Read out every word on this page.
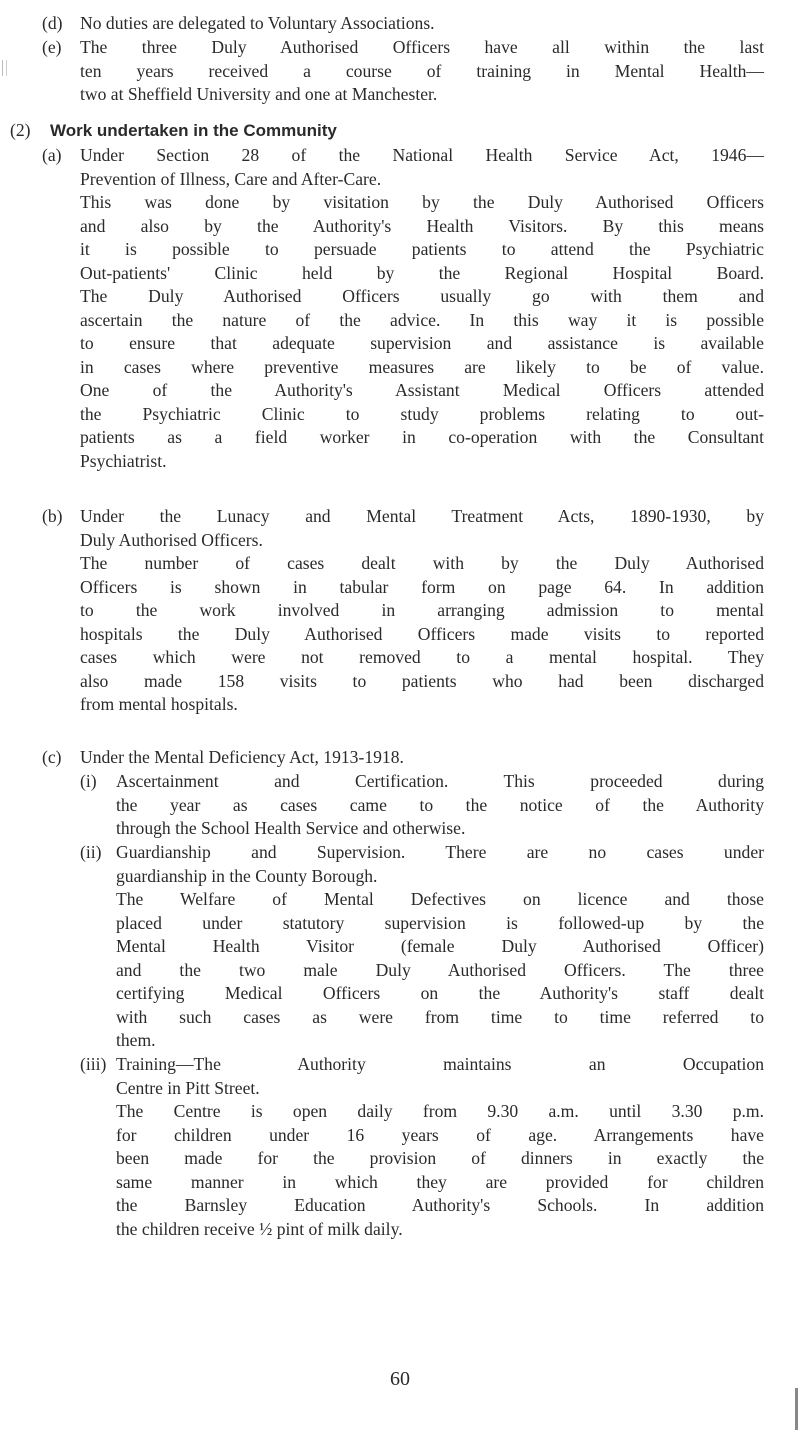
(d) No duties are delegated to Voluntary Associations.
(e) The three Duly Authorised Officers have all within the last
ten years received a course of training in Mental Health—
two at Sheffield University and one at Manchester.
(2) Work undertaken in the Community
(a) Under Section 28 of the National Health Service Act, 1946—
Prevention of Illness, Care and After-Care.
This was done by visitation by the Duly Authorised Officers
and also by the Authority's Health Visitors. By this means
it is possible to persuade patients to attend the Psychiatric
Out-patients' Clinic held by the Regional Hospital Board.
The Duly Authorised Officers usually go with them and
ascertain the nature of the advice. In this way it is possible
to ensure that adequate supervision and assistance is available
in cases where preventive measures are likely to be of value.
One of the Authority's Assistant Medical Officers attended
the Psychiatric Clinic to study problems relating to out-
patients as a field worker in co-operation with the Consultant
Psychiatrist.
(b) Under the Lunacy and Mental Treatment Acts, 1890-1930, by
Duly Authorised Officers.
The number of cases dealt with by the Duly Authorised
Officers is shown in tabular form on page 64. In addition
to the work involved in arranging admission to mental
hospitals the Duly Authorised Officers made visits to reported
cases which were not removed to a mental hospital. They
also made 158 visits to patients who had been discharged
from mental hospitals.
(c) Under the Mental Deficiency Act, 1913-1918.
(i) Ascertainment and Certification. This proceeded during
the year as cases came to the notice of the Authority
through the School Health Service and otherwise.
(ii) Guardianship and Supervision. There are no cases under
guardianship in the County Borough.
The Welfare of Mental Defectives on licence and those
placed under statutory supervision is followed-up by the
Mental Health Visitor (female Duly Authorised Officer)
and the two male Duly Authorised Officers. The three
certifying Medical Officers on the Authority's staff dealt
with such cases as were from time to time referred to
them.
(iii) Training—The Authority maintains an Occupation
Centre in Pitt Street.
The Centre is open daily from 9.30 a.m. until 3.30 p.m.
for children under 16 years of age. Arrangements have
been made for the provision of dinners in exactly the
same manner in which they are provided for children
the Barnsley Education Authority's Schools. In addition
the children receive ½ pint of milk daily.
60
